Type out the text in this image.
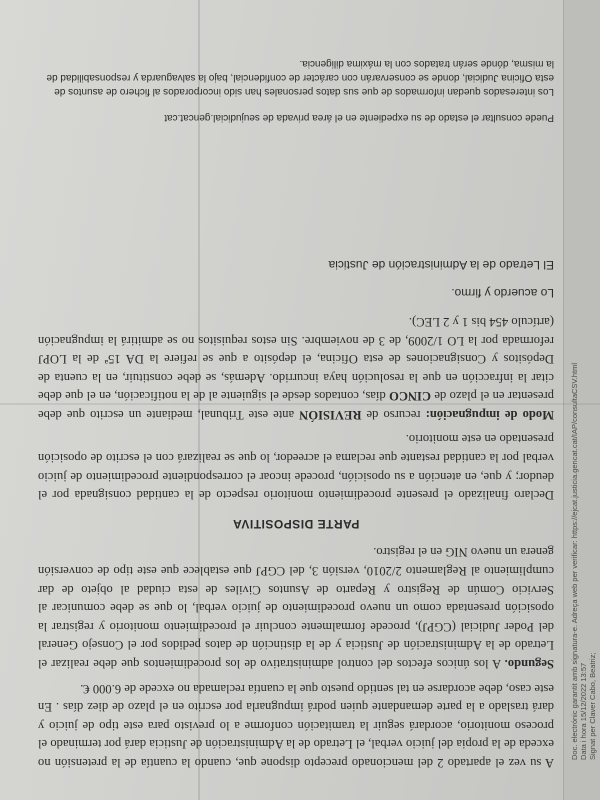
Doc. electrónic garantit amb signatura-e. Adreça web per verificar: https://ejcat.justicia.gencat.cat/IAP/consultaCSV.html Data i hora 15/12/2022 13:57 Signat per Claver Cabo, Beatriz;

A su vez el apartado 2 del mencionado precepto dispone que, cuando la cuantía de la pretensión no exceda de la propia del juicio verbal, el Letrado de la Administración de Justicia dará por terminado el proceso monitorio, acordará seguir la tramitación conforme a lo previsto para este tipo de juicio y dará traslado a la parte demandante quien podrá impugnarla por escrito en el plazo de diez días . En este caso, debe acordarse en tal sentido puesto que la cuantía reclamada no excede de 6.000 €.

Segundo. A los únicos efectos del control administrativo de los procedimientos que debe realizar el Letrado de la Administración de Justicia y de la distinción de datos pedidos por el Consejo General del Poder Judicial (CGPJ), procede formalmente concluir el procedimiento monitorio y registrar la oposición presentada como un nuevo procedimiento de juicio verbal, lo que se debe comunicar al Servicio Común de Registro y Reparto de Asuntos Civiles de esta ciudad al objeto de dar cumplimiento al Reglamento 2/2010, versión 3, del CGPJ que establece que este tipo de conversión genera un nuevo NIG en el registro.

PARTE DISPOSITIVA

Declaro finalizado el presente procedimiento monitorio respecto de la cantidad consignada por el deudor; y que, en atención a su oposición, procede incoar el correspondiente procedimiento de juicio verbal por la cantidad restante que reclama el acreedor, lo que se realizará con el escrito de oposición presentado en este monitorio.

Modo de impugnación: recurso de REVISIÓN ante este Tribunal, mediante un escrito que debe presentar en el plazo de CINCO días, contados desde el siguiente al de la notificación, en el que debe citar la infracción en que la resolución haya incurrido. Además, se debe constituir, en la cuenta de Depósitos y Consignaciones de esta Oficina, el depósito a que se refiere la DA 15ª de la LOPJ reformada por la LO 1/2009, de 3 de noviembre. Sin estos requisitos no se admitirá la impugnación (artículo 454 bis 1 y 2 LEC).

Lo acuerdo y firmo.
El Letrado de la Administración de Justicia

Puede consultar el estado de su expediente en el área privada de seujudicial.gencat.cat

Los interesados quedan informados de que sus datos personales han sido incorporados al fichero de asuntos de esta Oficina Judicial, donde se conservarán con carácter de confidencial, bajo la salvaguarda y responsabilidad de la misma, dónde serán tratados con la máxima diligencia.
